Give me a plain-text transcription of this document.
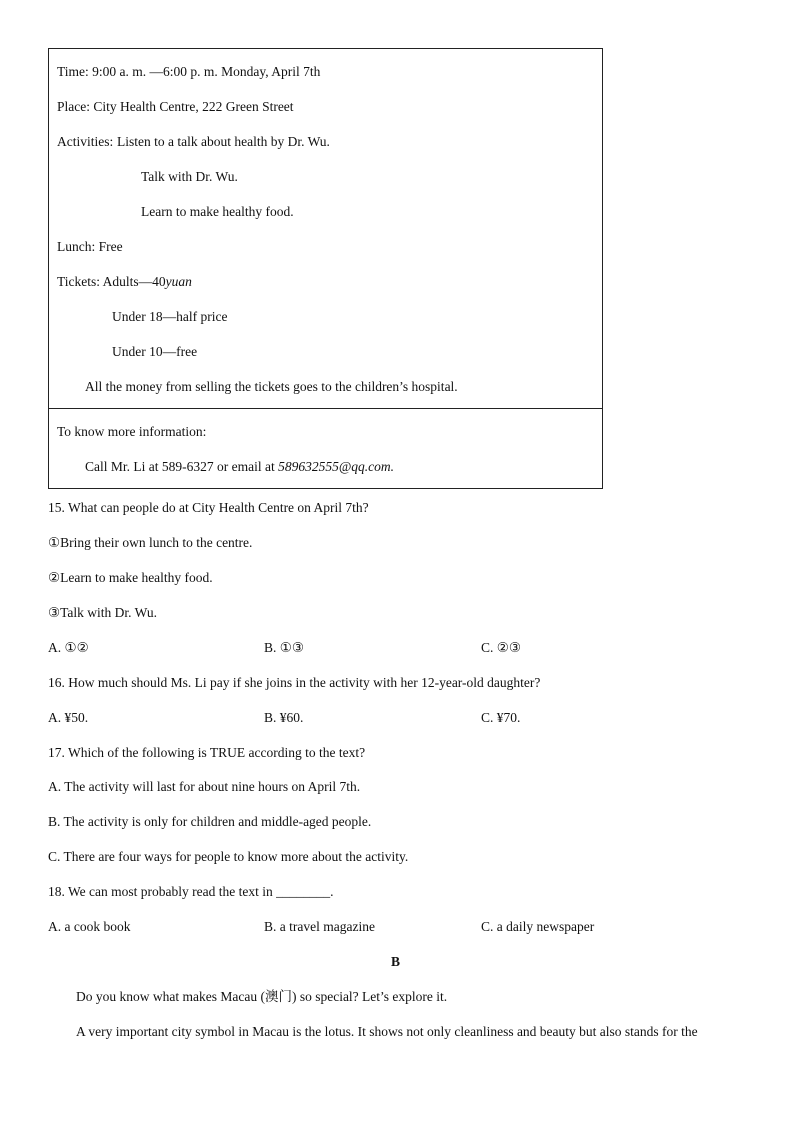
Time: 9:00 a. m. —6:00 p. m. Monday, April 7th
Place: City Health Centre, 222 Green Street
Activities: Listen to a talk about health by Dr. Wu.
Talk with Dr. Wu.
Learn to make healthy food.
Lunch: Free
Tickets: Adults—40yuan
Under 18—half price
Under 10—free
All the money from selling the tickets goes to the children’s hospital.
To know more information:
Call Mr. Li at 589-6327 or email at 589632555@qq.com.
15. What can people do at City Health Centre on April 7th?
①Bring their own lunch to the centre.
②Learn to make healthy food.
③Talk with Dr. Wu.
A. ①②	B. ①③	C. ②③
16. How much should Ms. Li pay if she joins in the activity with her 12-year-old daughter?
A. ¥50.	B. ¥60.	C. ¥70.
17. Which of the following is TRUE according to the text?
A. The activity will last for about nine hours on April 7th.
B. The activity is only for children and middle-aged people.
C. There are four ways for people to know more about the activity.
18. We can most probably read the text in ________.
A. a cook book	B. a travel magazine	C. a daily newspaper
B
Do you know what makes Macau (澳门) so special? Let’s explore it.
A very important city symbol in Macau is the lotus. It shows not only cleanliness and beauty but also stands for the
